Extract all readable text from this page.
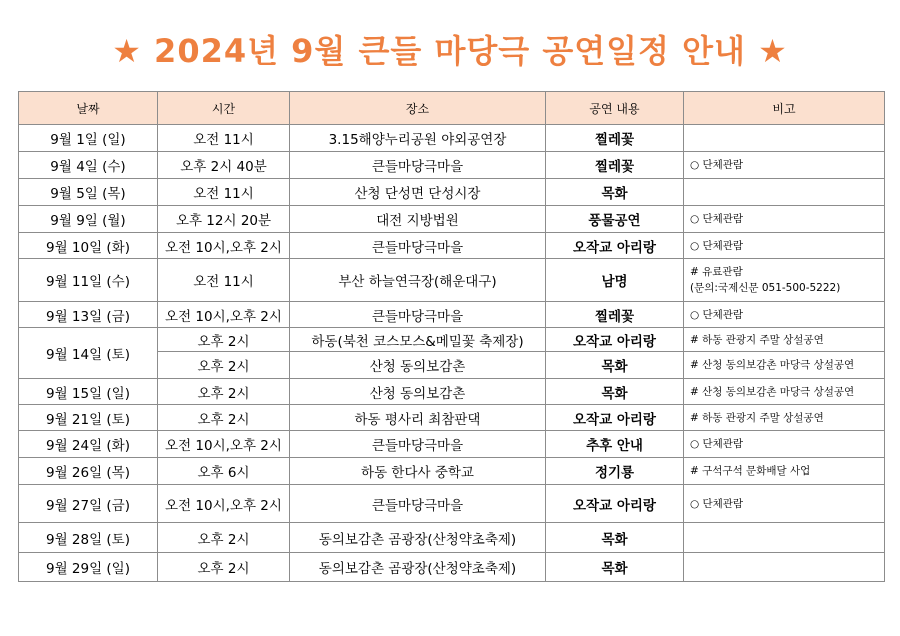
★ 2024년 9월 큰들 마당극 공연일정 안내 ★
날짜	시간	장소	공연 내용	비고
9월 1일 (일)	오전 11시	3.15해양누리공원 야외공연장	찔레꽃	

9월 4일 (수)	오후 2시 40분	큰들마당극마을	찔레꽃	○ 단체관람

9월 5일 (목)	오전 11시	산청 단성면 단성시장	목화	

9월 9일 (월)	오후 12시 20분	대전 지방법원	풍물공연	○ 단체관람

9월 10일 (화)	오전 10시,오후 2시	큰들마당극마을	오작교 아리랑	○ 단체관람

9월 11일 (수)	오전 11시	부산 하늘연극장(해운대구)	남명	# 유료관람
(문의:국제신문 051-500-5222)

9월 13일 (금)	오전 10시,오후 2시	큰들마당극마을	찔레꽃	○ 단체관람

9월 14일 (토)	오후 2시	하동(북천 코스모스&메밀꽃 축제장)	오작교 아리랑	# 하동 관광지 주말 상설공연

	오후 2시	산청 동의보감촌	목화	# 산청 동의보감촌 마당극 상설공연

9월 15일 (일)	오후 2시	산청 동의보감촌	목화	# 산청 동의보감촌 마당극 상설공연

9월 21일 (토)	오후 2시	하동 평사리 최참판댁	오작교 아리랑	# 하동 관광지 주말 상설공연

9월 24일 (화)	오전 10시,오후 2시	큰들마당극마을	추후 안내	○ 단체관람

9월 26일 (목)	오후 6시	하동 한다사 중학교	정기룡	# 구석구석 문화배달 사업

9월 27일 (금)	오전 10시,오후 2시	큰들마당극마을	오작교 아리랑	○ 단체관람

9월 28일 (토)	오후 2시	동의보감촌 곰광장(산청약초축제)	목화	

9월 29일 (일)	오후 2시	동의보감촌 곰광장(산청약초축제)	목화	
